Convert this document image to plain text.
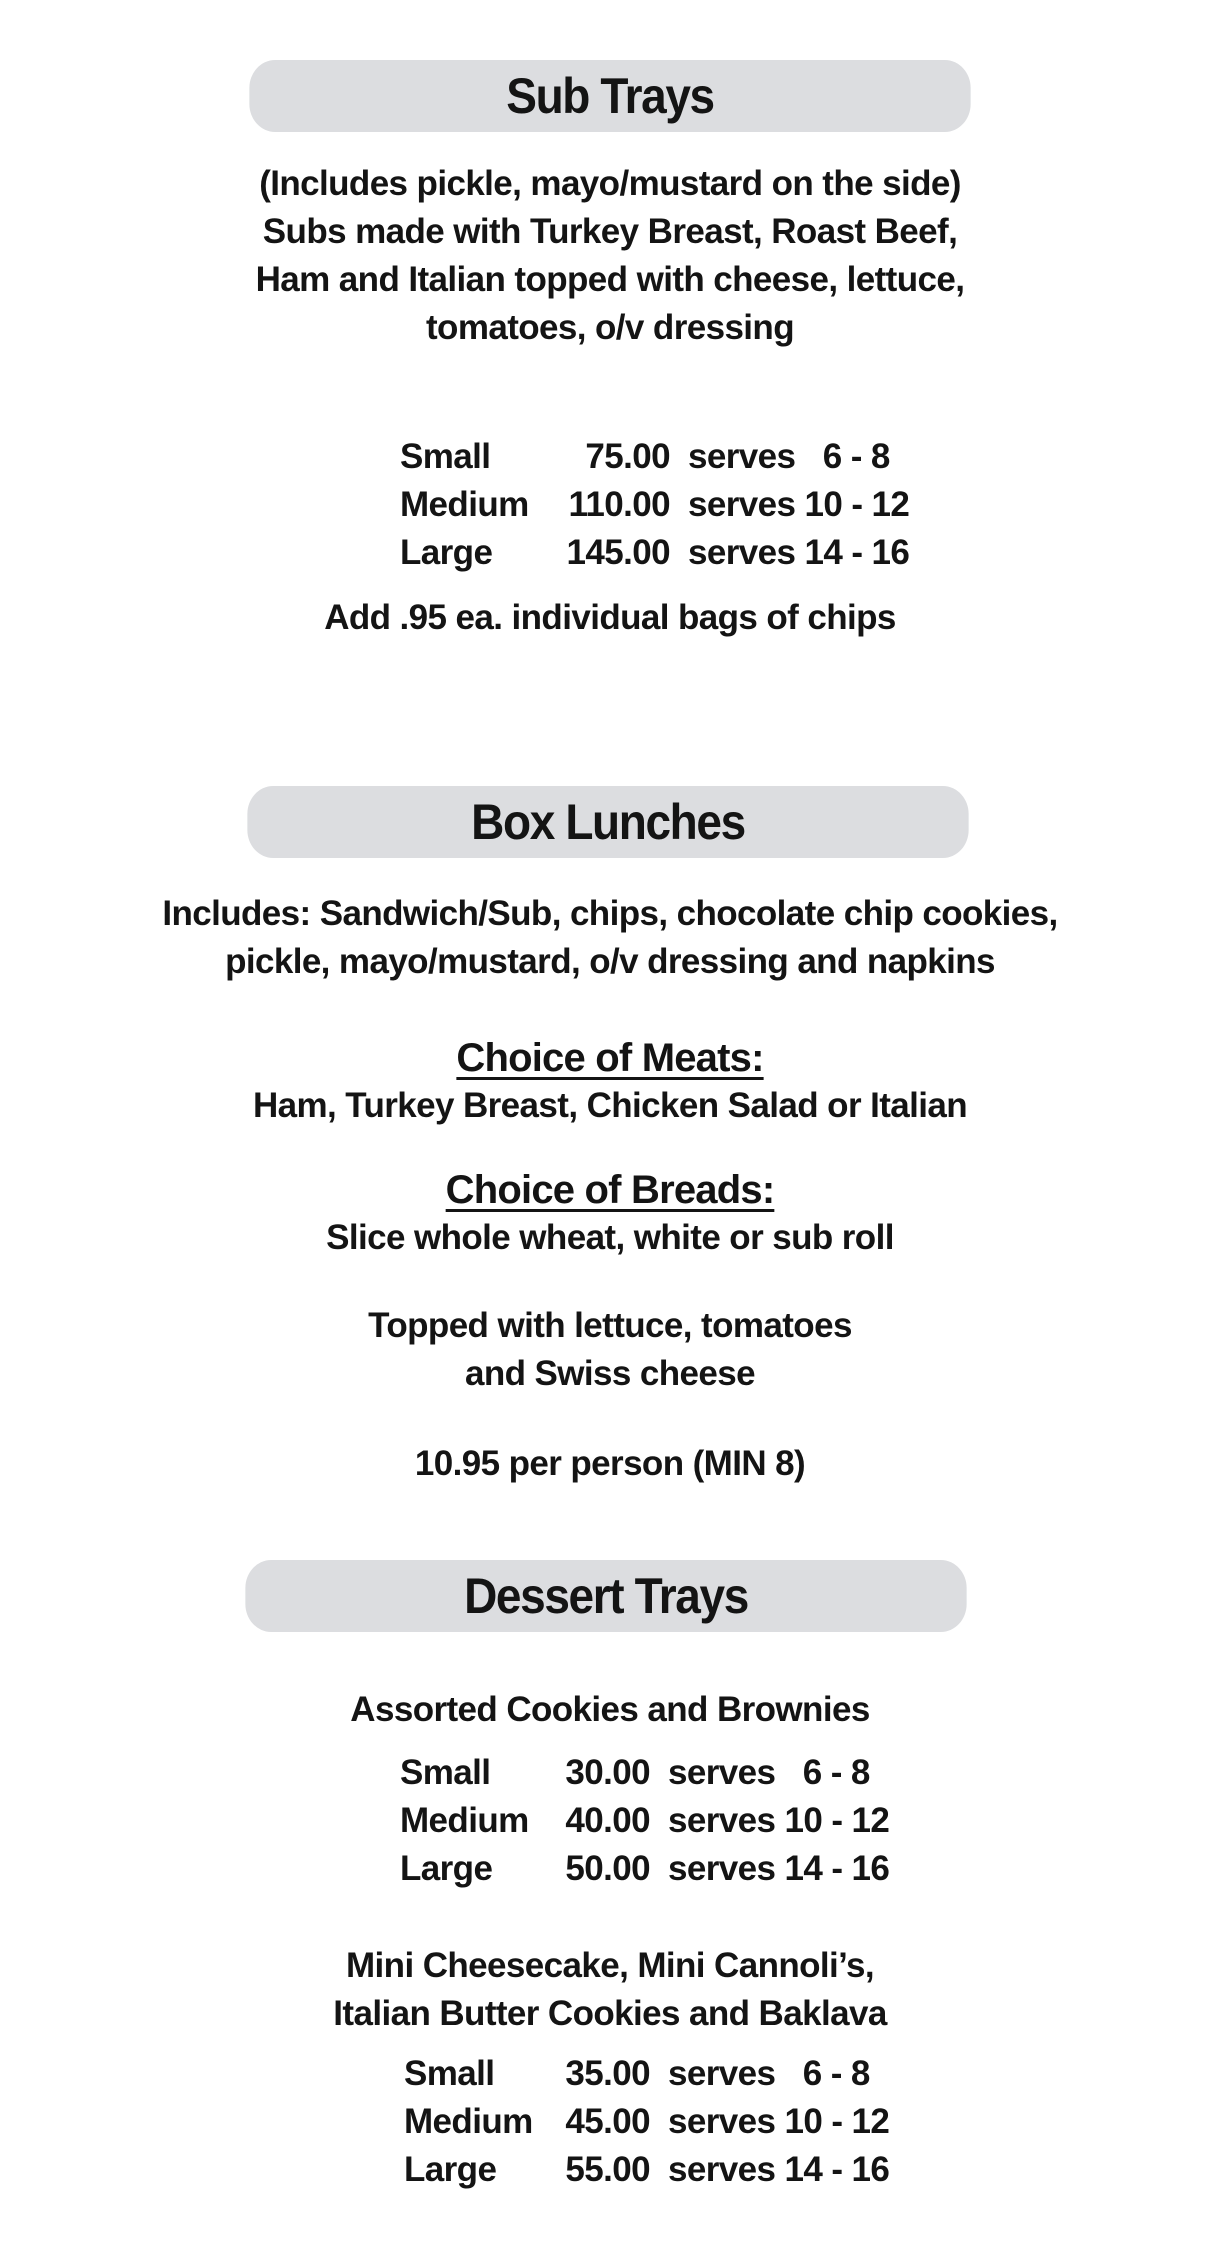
Sub Trays
(Includes pickle, mayo/mustard on the side)
Subs made with Turkey Breast, Roast Beef,
Ham and Italian topped with cheese, lettuce,
tomatoes, o/v dressing
Small	75.00 serves   6 - 8
Medium	110.00 serves 10 - 12
Large	145.00 serves 14 - 16
Add .95 ea. individual bags of chips
Box Lunches
Includes: Sandwich/Sub, chips, chocolate chip cookies,
pickle, mayo/mustard, o/v dressing and napkins
Choice of Meats:
Ham, Turkey Breast, Chicken Salad or Italian
Choice of Breads:
Slice whole wheat, white or sub roll
Topped with lettuce, tomatoes
and Swiss cheese
10.95 per person (MIN 8)
Dessert Trays
Assorted Cookies and Brownies
Small	30.00 serves   6 - 8
Medium	40.00 serves 10 - 12
Large	50.00 serves 14 - 16
Mini Cheesecake, Mini Cannoli’s,
Italian Butter Cookies and Baklava
Small	35.00 serves   6 - 8
Medium 45.00 serves 10 - 12
Large	55.00 serves 14 - 16
